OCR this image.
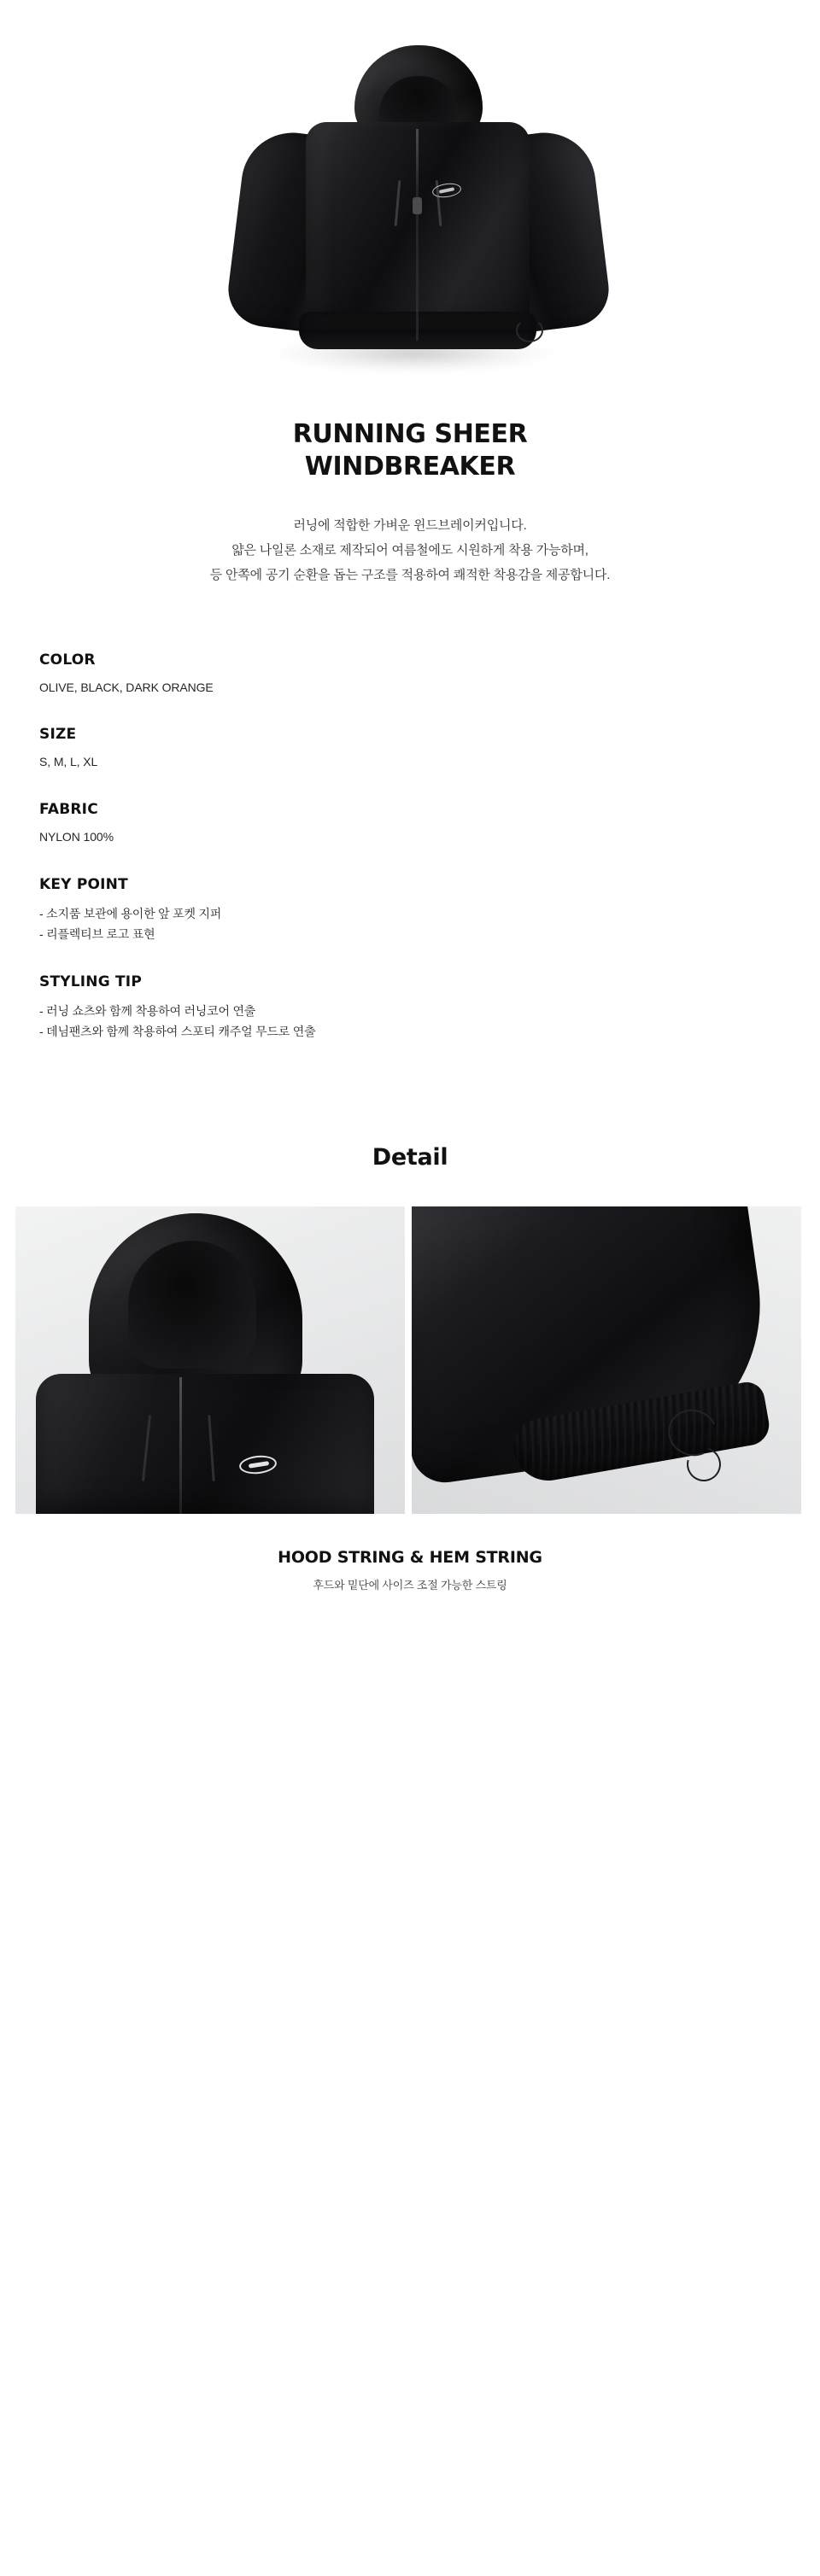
RUNNING SHEER
WINDBREAKER

러닝에 적합한 가벼운 윈드브레이커입니다.
얇은 나일론 소재로 제작되어 여름철에도 시원하게 착용 가능하며,
등 안쪽에 공기 순환을 돕는 구조를 적용하여 쾌적한 착용감을 제공합니다.

COLOR

OLIVE, BLACK, DARK ORANGE

SIZE

S, M, L, XL

FABRIC

NYLON 100%

KEY POINT
- 소지품 보관에 용이한 앞 포켓 지퍼
- 리플렉티브 로고 표현
STYLING TIP
- 러닝 쇼츠와 함께 착용하여 러닝코어 연출
- 데님팬츠와 함께 착용하여 스포티 캐주얼 무드로 연출
Detail
HOOD STRING & HEM STRING
후드와 밑단에 사이즈 조절 가능한 스트링
